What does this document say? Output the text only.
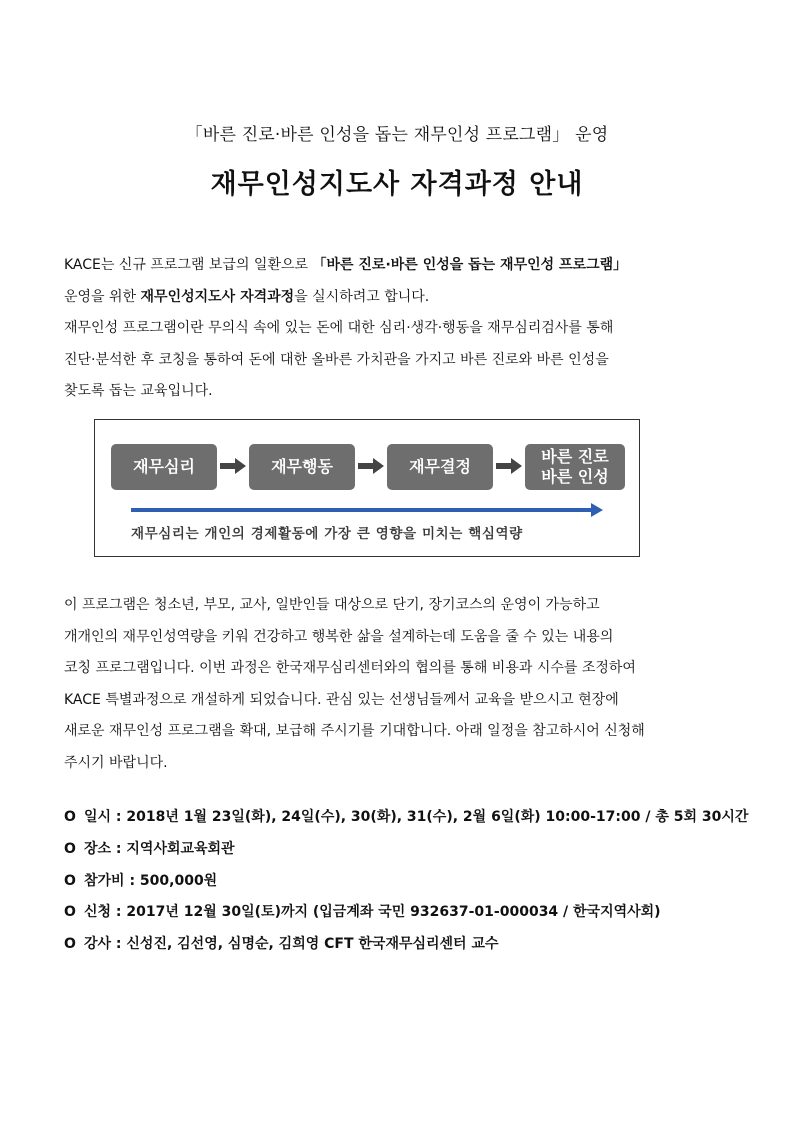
「바른 진로·바른 인성을 돕는 재무인성 프로그램」 운영
재무인성지도사 자격과정 안내
KACE는 신규 프로그램 보급의 일환으로 「바른 진로·바른 인성을 돕는 재무인성 프로그램」
운영을 위한 재무인성지도사 자격과정을 실시하려고 합니다.
재무인성 프로그램이란 무의식 속에 있는 돈에 대한 심리·생각·행동을 재무심리검사를 통해
진단·분석한 후 코칭을 통하여 돈에 대한 올바른 가치관을 가지고 바른 진로와 바른 인성을
찾도록 돕는 교육입니다.
재무심리	재무행동	재무결정
바른 진로
바른 인성
재무심리는 개인의 경제활동에 가장 큰 영향을 미치는 핵심역량
이 프로그램은 청소년, 부모, 교사, 일반인들 대상으로 단기, 장기코스의 운영이 가능하고
개개인의 재무인성역량을 키워 건강하고 행복한 삶을 설계하는데 도움을 줄 수 있는 내용의
코칭 프로그램입니다. 이번 과정은 한국재무심리센터와의 협의를 통해 비용과 시수를 조정하여
KACE 특별과정으로 개설하게 되었습니다. 관심 있는 선생님들께서 교육을 받으시고 현장에
새로운 재무인성 프로그램을 확대, 보급해 주시기를 기대합니다. 아래 일정을 참고하시어 신청해
주시기 바랍니다.
O 일시 : 2018년 1월 23일(화), 24일(수), 30(화), 31(수), 2월 6일(화) 10:00-17:00 / 총 5회 30시간
O 장소 : 지역사회교육회관
O 참가비 : 500,000원
O 신청 : 2017년 12월 30일(토)까지 (입금계좌 국민 932637-01-000034 / 한국지역사회)
O 강사 : 신성진, 김선영, 심명순, 김희영 CFT 한국재무심리센터 교수
